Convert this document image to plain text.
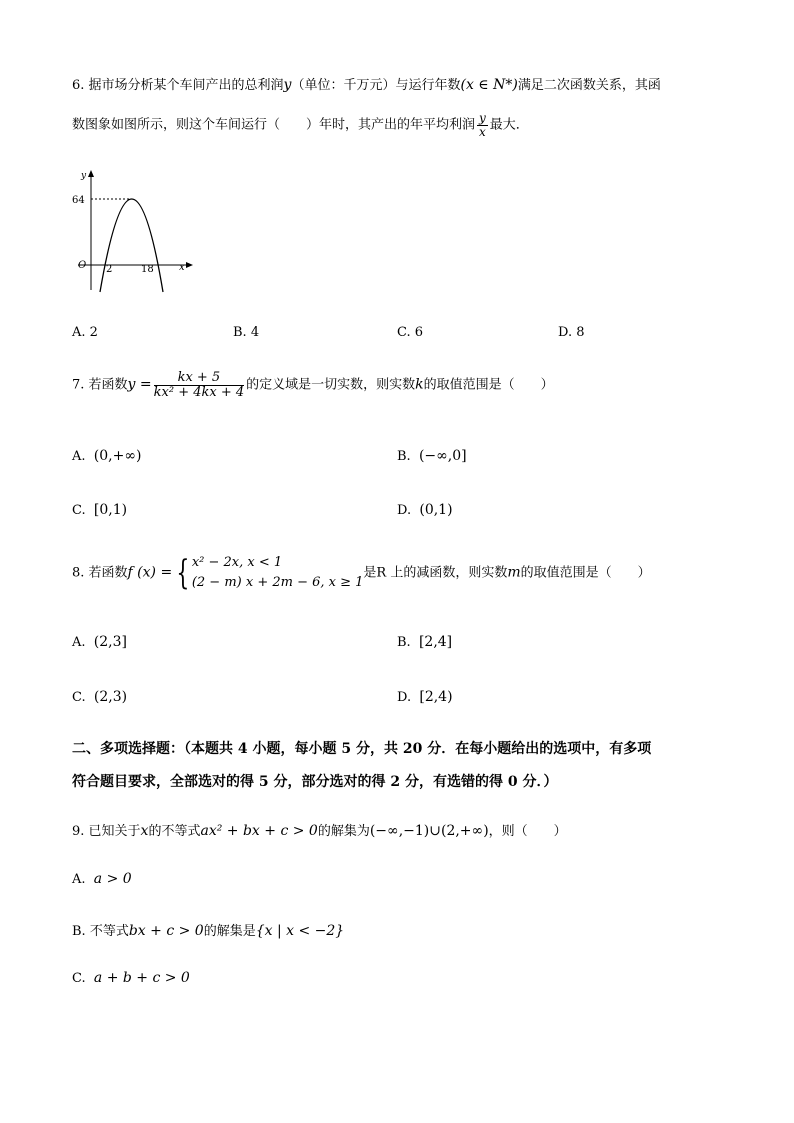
6. 据市场分析某个车间产出的总利润y（单位：千万元）与运行年数(x ∈ N*)满足二次函数关系，其函
数图象如图所示，则这个车间运行（　　）年时，其产出的年平均利润 $\frac{y}{x}$ 最大．
y
x
O
64
2	18
A. 2	B. 4	C. 6	D. 8
7. 若函数$y = \frac{kx + 5}{\text{kx² + 4kx + 4}}$ 的定义域是一切实数，则实数k的取值范围是（　　）
A. (0,+∞)	B. (−∞,0]
C. [0,1)	D. (0,1)
8. 若函数f (x) = { x² − 2x, x < 1
(2 − m) x + 2m − 6, x ≥ 1
是R 上的减函数，则实数m的取值范围是（　　）
A. (2,3]	B. [2,4]
C. (2,3)	D. [2,4)
二、多项选择题：（本题共 4 小题，每小题 5 分，共 20 分．在每小题给出的选项中，有多项
符合题目要求，全部选对的得 5 分，部分选对的得 2 分，有选错的得 0 分．）
9. 已知关于x的不等式ax² + bx + c > 0的解集为(−∞,−1)∪(2,+∞)，则（　　）
A. a > 0
B. 不等式bx + c > 0的解集是{x | x < −2}
C. a + b + c > 0
